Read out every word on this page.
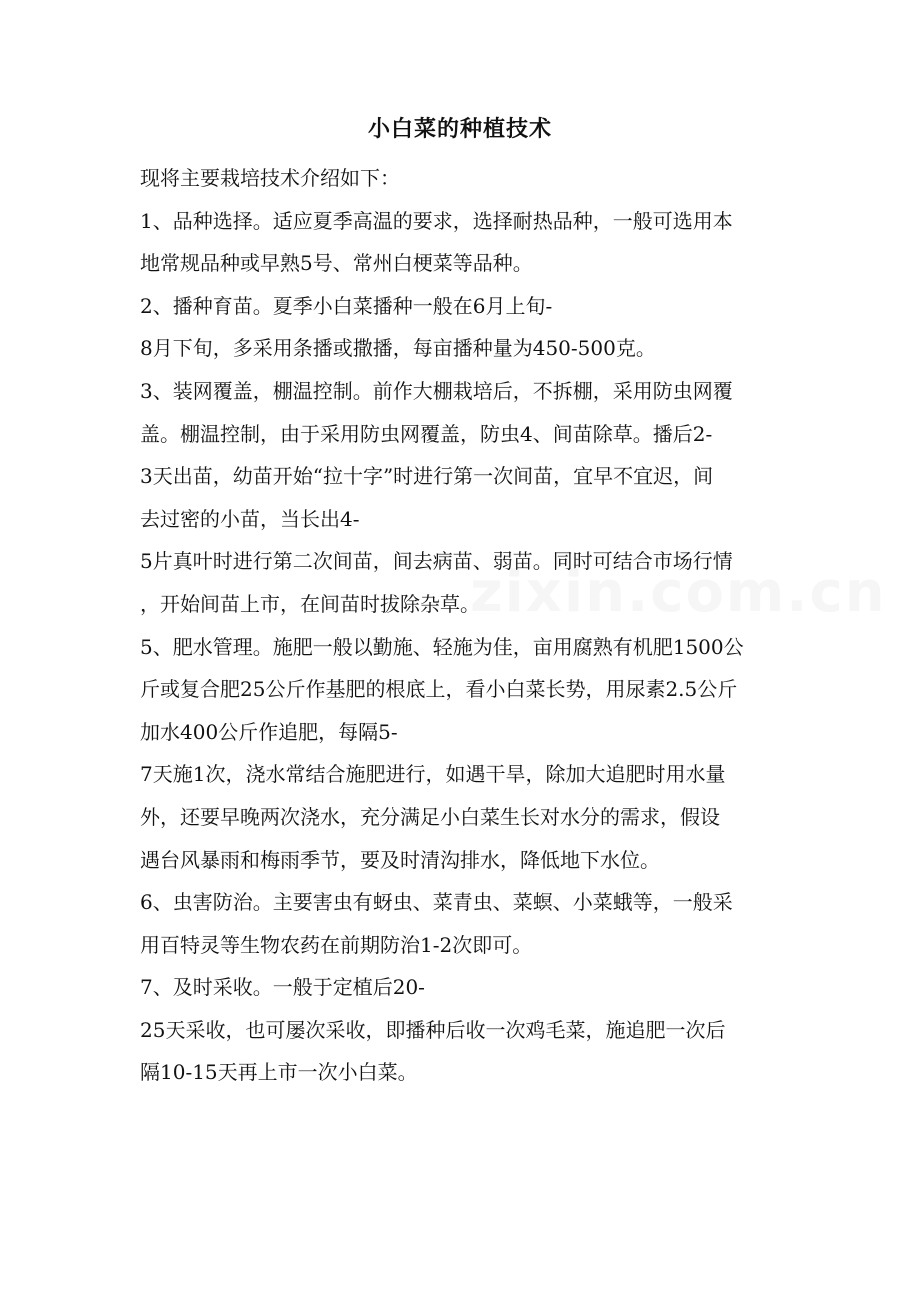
zixin.com.cn
小白菜的种植技术
现将主要栽培技术介绍如下：
1、品种选择。适应夏季高温的要求，选择耐热品种，一般可选用本
地常规品种或早熟5号、常州白梗菜等品种。
2、播种育苗。夏季小白菜播种一般在6月上旬-
8月下旬，多采用条播或撒播，每亩播种量为450-500克。
3、装网覆盖，棚温控制。前作大棚栽培后，不拆棚，采用防虫网覆
盖。棚温控制，由于采用防虫网覆盖，防虫4、间苗除草。播后2-
3天出苗，幼苗开始“拉十字”时进行第一次间苗，宜早不宜迟，间
去过密的小苗，当长出4-
5片真叶时进行第二次间苗，间去病苗、弱苗。同时可结合市场行情
，开始间苗上市，在间苗时拔除杂草。
5、肥水管理。施肥一般以勤施、轻施为佳，亩用腐熟有机肥1500公
斤或复合肥25公斤作基肥的根底上，看小白菜长势，用尿素2.5公斤
加水400公斤作追肥，每隔5-
7天施1次，浇水常结合施肥进行，如遇干旱，除加大追肥时用水量
外，还要早晚两次浇水，充分满足小白菜生长对水分的需求，假设
遇台风暴雨和梅雨季节，要及时清沟排水，降低地下水位。
6、虫害防治。主要害虫有蚜虫、菜青虫、菜螟、小菜蛾等，一般采
用百特灵等生物农药在前期防治1-2次即可。
7、及时采收。一般于定植后20-
25天采收，也可屡次采收，即播种后收一次鸡毛菜，施追肥一次后
隔10-15天再上市一次小白菜。
